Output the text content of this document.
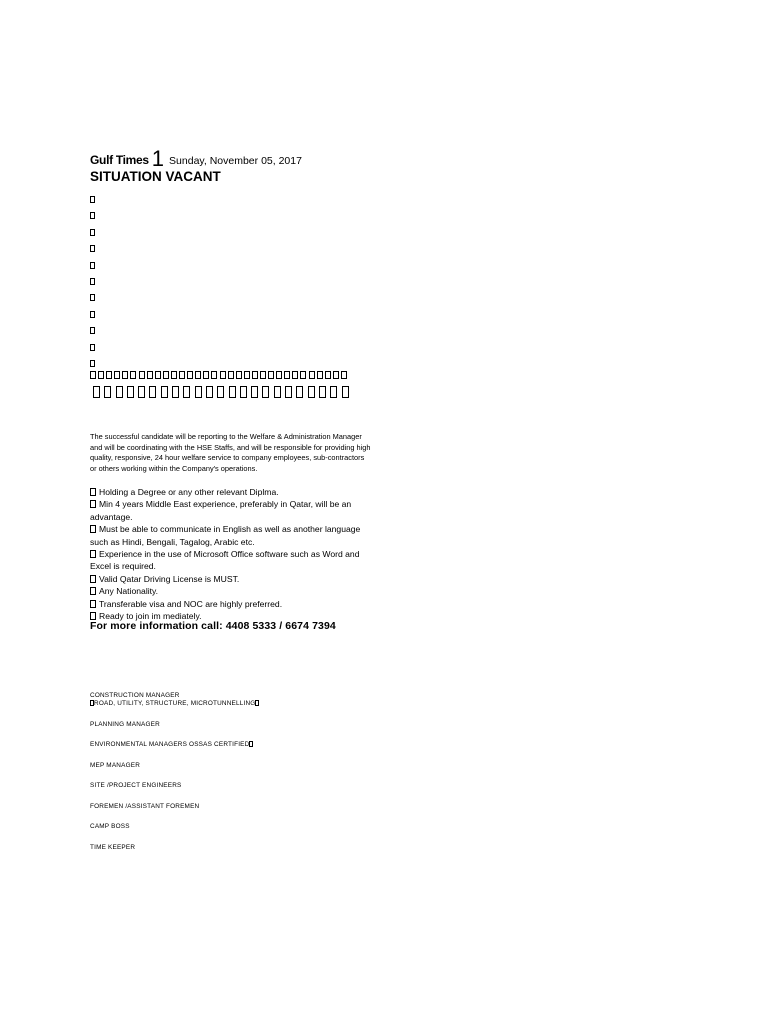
Gulf Times 1 Sunday, November 05, 2017
SITUATION VACANT

The successful candidate will be reporting to the Welfare & Administration Manager and will be coordinating with the HSE Staffs, and will be responsible for providing high quality, responsive, 24 hour welfare service to company employees, sub-contractors or others working within the Company's operations.

Holding a Degree or any other relevant Diplma.
Min 4 years Middle East experience, preferably in Qatar, will be an advantage.
Must be able to communicate in English as well as another language such as Hindi, Bengali, Tagalog, Arabic etc.
Experience in the use of Microsoft Office software such as Word and Excel is required.
Valid Qatar Driving License is MUST.
Any Nationality.
Transferable visa and NOC are highly preferred.
Ready to join im mediately.

For more information call: 4408 5333 / 6674 7394

CONSTRUCTION MANAGER
ROAD, UTILITY, STRUCTURE, MICROTUNNELLING
PLANNING MANAGER
ENVIRONMENTAL MANAGERS OSSAS CERTIFIED
MEP MANAGER
SITE /PROJECT ENGINEERS
FOREMEN /ASSISTANT FOREMEN
CAMP BOSS
TIME KEEPER
